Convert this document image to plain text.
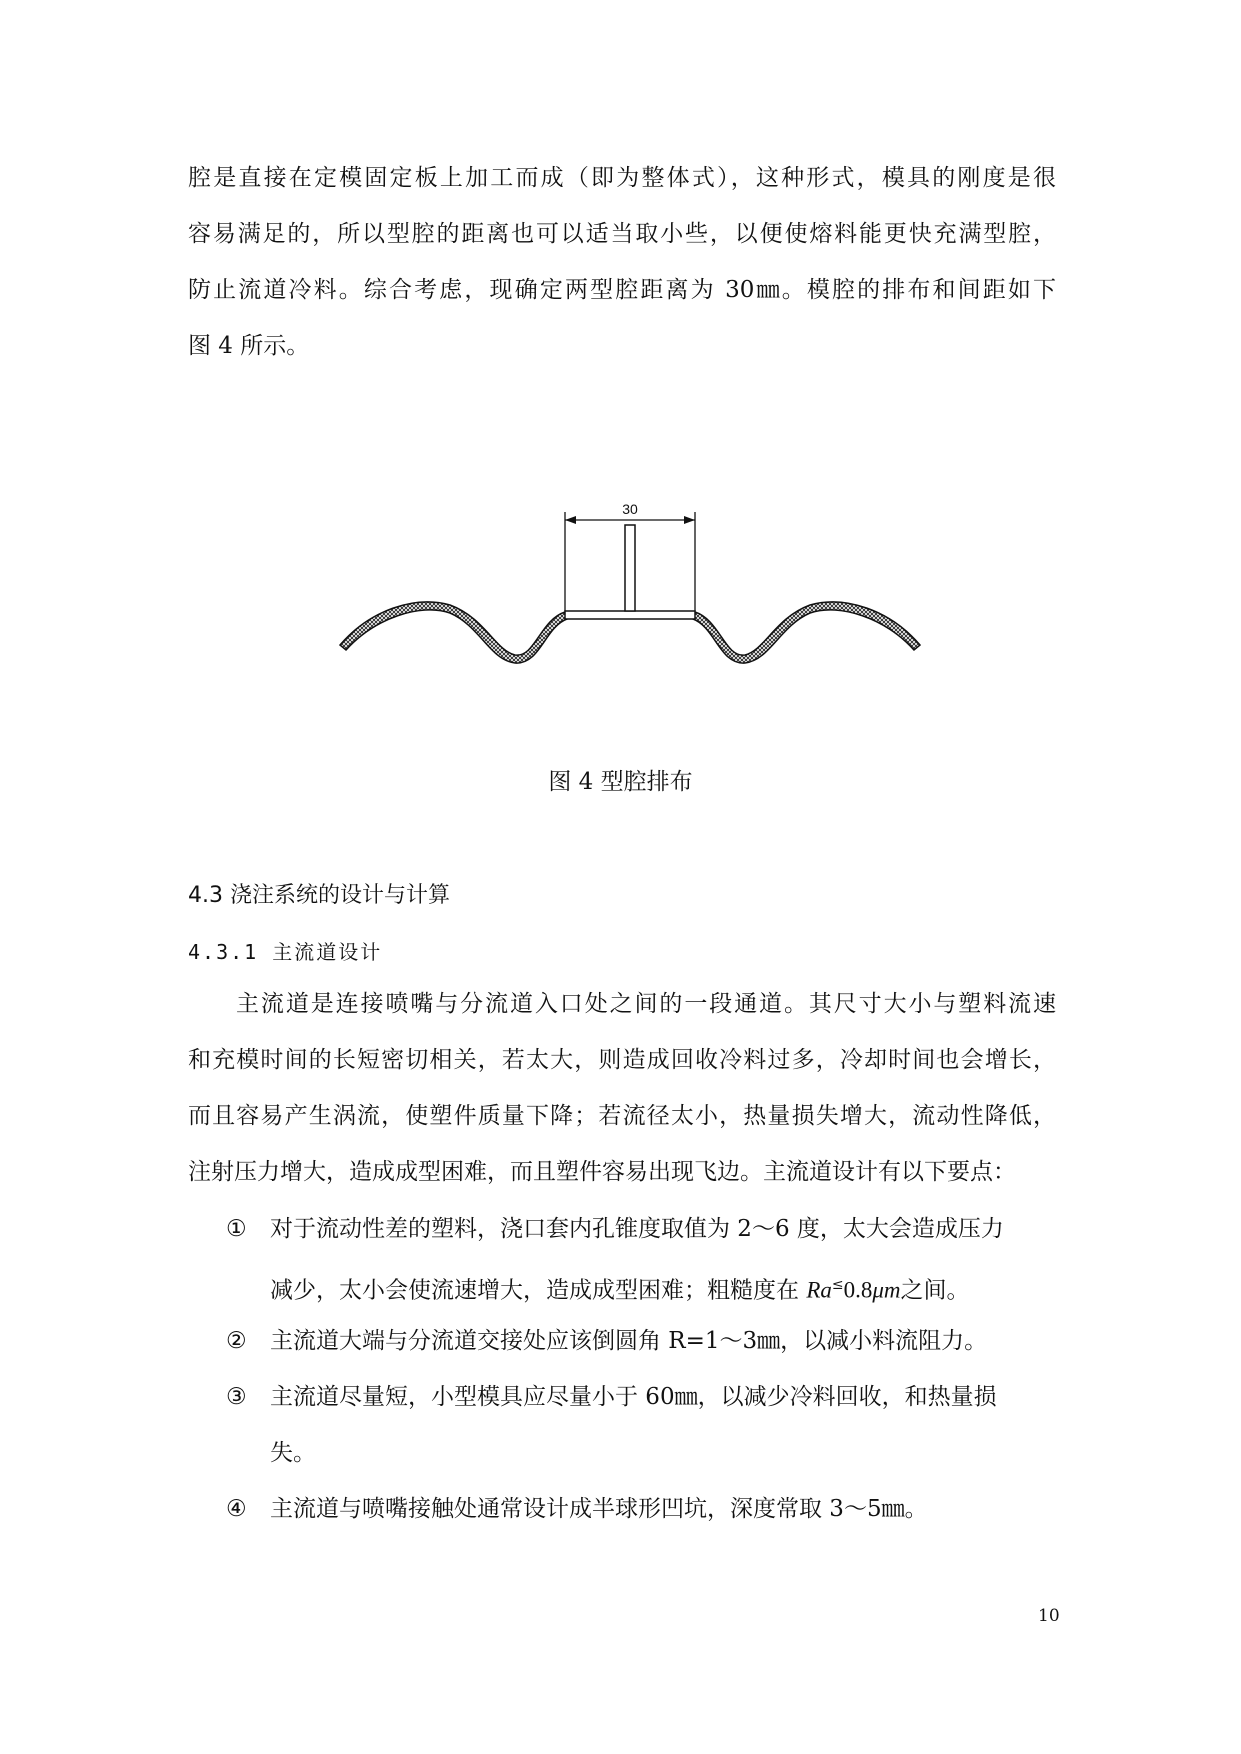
腔是直接在定模固定板上加工而成（即为整体式），这种形式，模具的刚度是很
容易满足的，所以型腔的距离也可以适当取小些，以便使熔料能更快充满型腔，
防止流道冷料。综合考虑，现确定两型腔距离为 30㎜。模腔的排布和间距如下
图 4 所示。
30
图 4 型腔排布
4.3 浇注系统的设计与计算
4.3.1 主流道设计
主流道是连接喷嘴与分流道入口处之间的一段通道。其尺寸大小与塑料流速
和充模时间的长短密切相关，若太大，则造成回收冷料过多，冷却时间也会增长，
而且容易产生涡流，使塑件质量下降；若流径太小，热量损失增大，流动性降低，
注射压力增大，造成成型困难，而且塑件容易出现飞边。主流道设计有以下要点：
① 对于流动性差的塑料，浇口套内孔锥度取值为 2～6 度，太大会造成压力
减少，太小会使流速增大，造成成型困难；粗糙度在 Ra≤0.8μm之间。
② 主流道大端与分流道交接处应该倒圆角 R=1～3㎜，以减小料流阻力。
③ 主流道尽量短，小型模具应尽量小于 60㎜，以减少冷料回收，和热量损
失。
④ 主流道与喷嘴接触处通常设计成半球形凹坑，深度常取 3～5㎜。
10
